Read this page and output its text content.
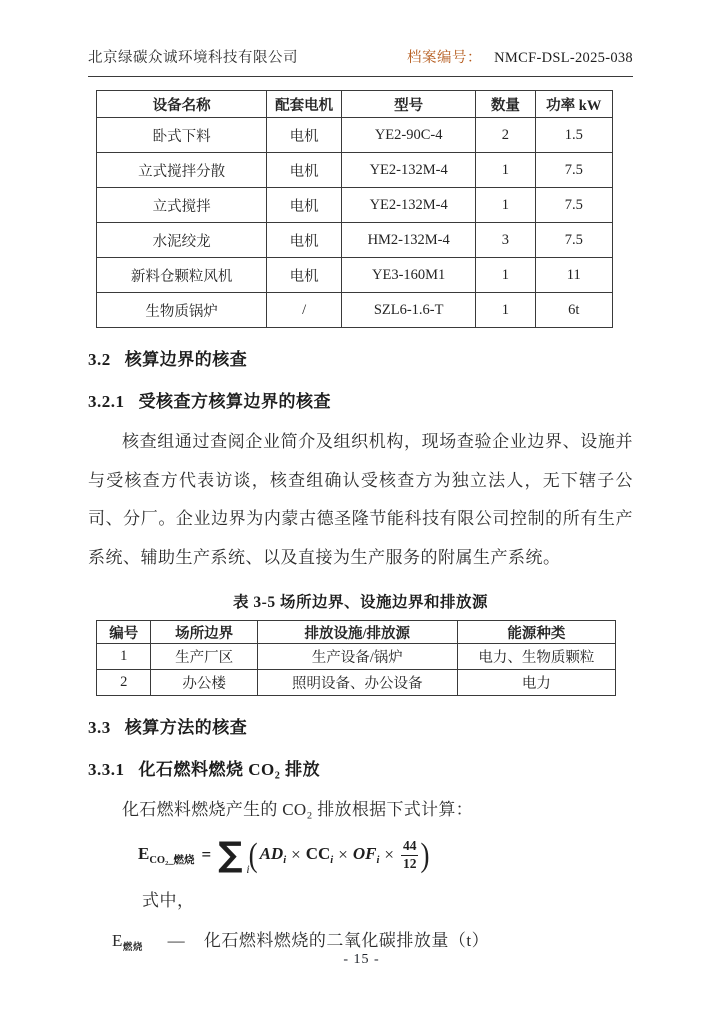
北京绿碳众诚环境科技有限公司	档案编号： NMCF-DSL-2025-038
设备名称	配套电机	型号	数量	功率 kW
卧式下料	电机	YE2-90C-4	2	1.5
立式搅拌分散	电机	YE2-132M-4	1	7.5
立式搅拌	电机	YE2-132M-4	1	7.5
水泥绞龙	电机	HM2-132M-4	3	7.5
新料仓颗粒风机	电机	YE3-160M1	1	11
生物质锅炉	/	SZL6-1.6-T	1	6t
3.2 核算边界的核查
3.2.1 受核查方核算边界的核查

核查组通过查阅企业简介及组织机构，现场查验企业边界、设施并与受核查方代表访谈，核查组确认受核查方为独立法人，无下辖子公司、分厂。企业边界为内蒙古德圣隆节能科技有限公司控制的所有生产系统、辅助生产系统、以及直接为生产服务的附属生产系统。

表 3-5 场所边界、设施边界和排放源
编号	场所边界	排放设施/排放源	能源种类
1	生产厂区	生产设备/锅炉	电力、生物质颗粒
2	办公楼	照明设备、办公设备	电力
3.3 核算方法的核查
3.3.1 化石燃料燃烧 CO₂ 排放
化石燃料燃烧产生的 CO₂ 排放根据下式计算：
$E_{CO_2\_燃烧}$ = ∑ i ( $AD_i \times CC_i \times OF_i \times \frac{44}{12}$ )
式中，
$E_{燃烧}$ — 化石燃料燃烧的二氧化碳排放量（t）
- 15 -
